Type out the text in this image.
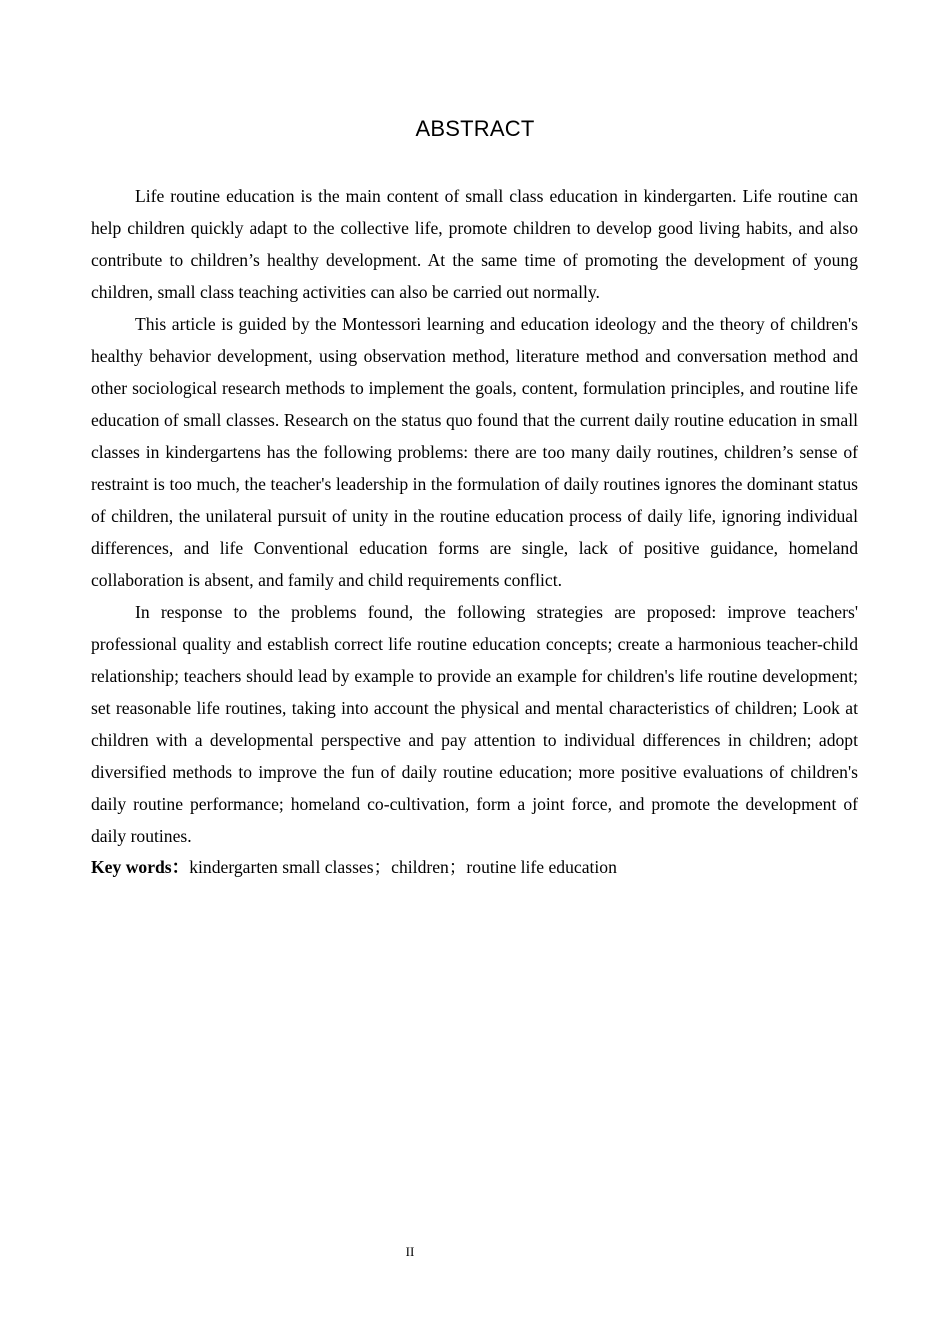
ABSTRACT

Life routine education is the main content of small class education in kindergarten. Life routine can help children quickly adapt to the collective life, promote children to develop good living habits, and also contribute to children’s healthy development. At the same time of promoting the development of young children, small class teaching activities can also be carried out normally.

This article is guided by the Montessori learning and education ideology and the theory of children's healthy behavior development, using observation method, literature method and conversation method and other sociological research methods to implement the goals, content, formulation principles, and routine life education of small classes. Research on the status quo found that the current daily routine education in small classes in kindergartens has the following problems: there are too many daily routines, children’s sense of restraint is too much, the teacher's leadership in the formulation of daily routines ignores the dominant status of children, the unilateral pursuit of unity in the routine education process of daily life, ignoring individual differences, and life Conventional education forms are single, lack of positive guidance, homeland collaboration is absent, and family and child requirements conflict.

In response to the problems found, the following strategies are proposed: improve teachers' professional quality and establish correct life routine education concepts; create a harmonious teacher-child relationship; teachers should lead by example to provide an example for children's life routine development; set reasonable life routines, taking into account the physical and mental characteristics of children; Look at children with a developmental perspective and pay attention to individual differences in children; adopt diversified methods to improve the fun of daily routine education; more positive evaluations of children's daily routine performance; homeland co-cultivation, form a joint force, and promote the development of daily routines.

Key words：kindergarten small classes；children；routine life education

II
